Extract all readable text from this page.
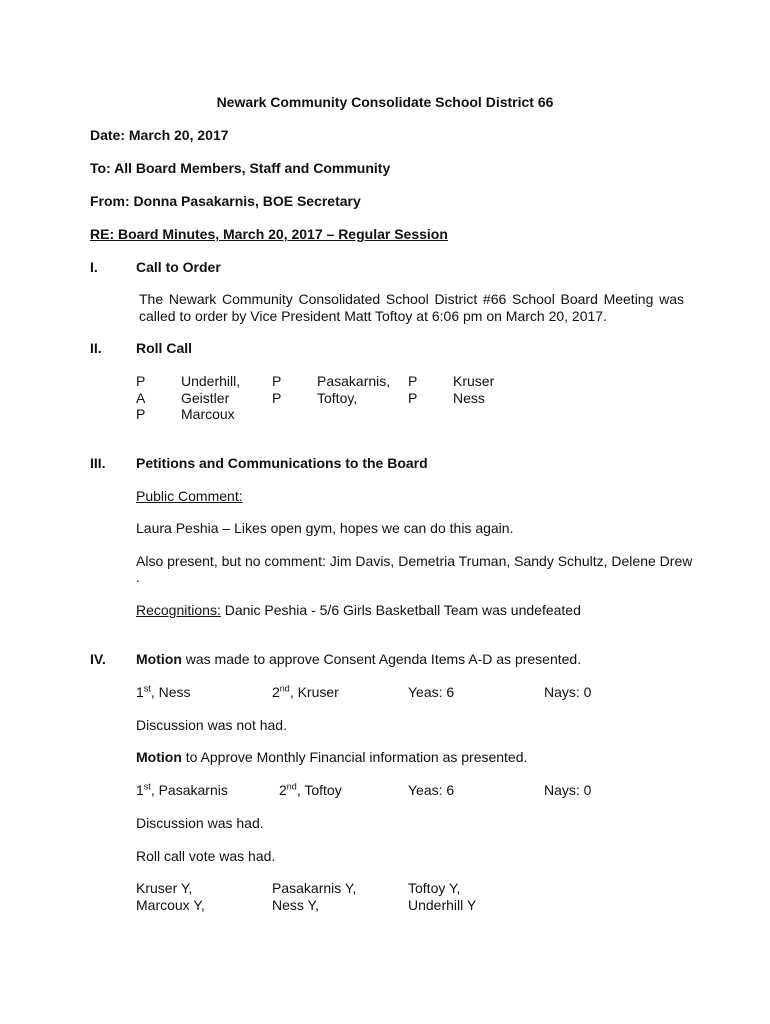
Newark Community Consolidate School District 66
Date: March 20, 2017
To: All Board Members, Staff and Community
From: Donna Pasakarnis, BOE Secretary
RE: Board Minutes, March 20, 2017 – Regular Session
I.	Call to Order
The Newark Community Consolidated School District #66 School Board Meeting was called to order by Vice President Matt Toftoy at 6:06 pm on March 20, 2017.
II. Roll Call
P	Underhill, P	Pasakarnis, P	Kruser
A	Geistler	P	Toftoy,	P	Ness
P	Marcoux
III. Petitions and Communications to the Board
Public Comment:
Laura Peshia – Likes open gym, hopes we can do this again.
Also present, but no comment: Jim Davis, Demetria Truman, Sandy Schultz, Delene Drew
.
Recognitions: Danic Peshia - 5/6 Girls Basketball Team was undefeated
IV. Motion was made to approve Consent Agenda Items A-D as presented.
1st, Ness	2nd, Kruser	Yeas: 6	Nays: 0
Discussion was not had.
Motion to Approve Monthly Financial information as presented.
1st, Pasakarnis	2nd, Toftoy	Yeas: 6	Nays: 0
Discussion was had.
Roll call vote was had.
Kruser Y,	Pasakarnis Y,	Toftoy Y,
Marcoux Y,	Ness Y,	Underhill Y
